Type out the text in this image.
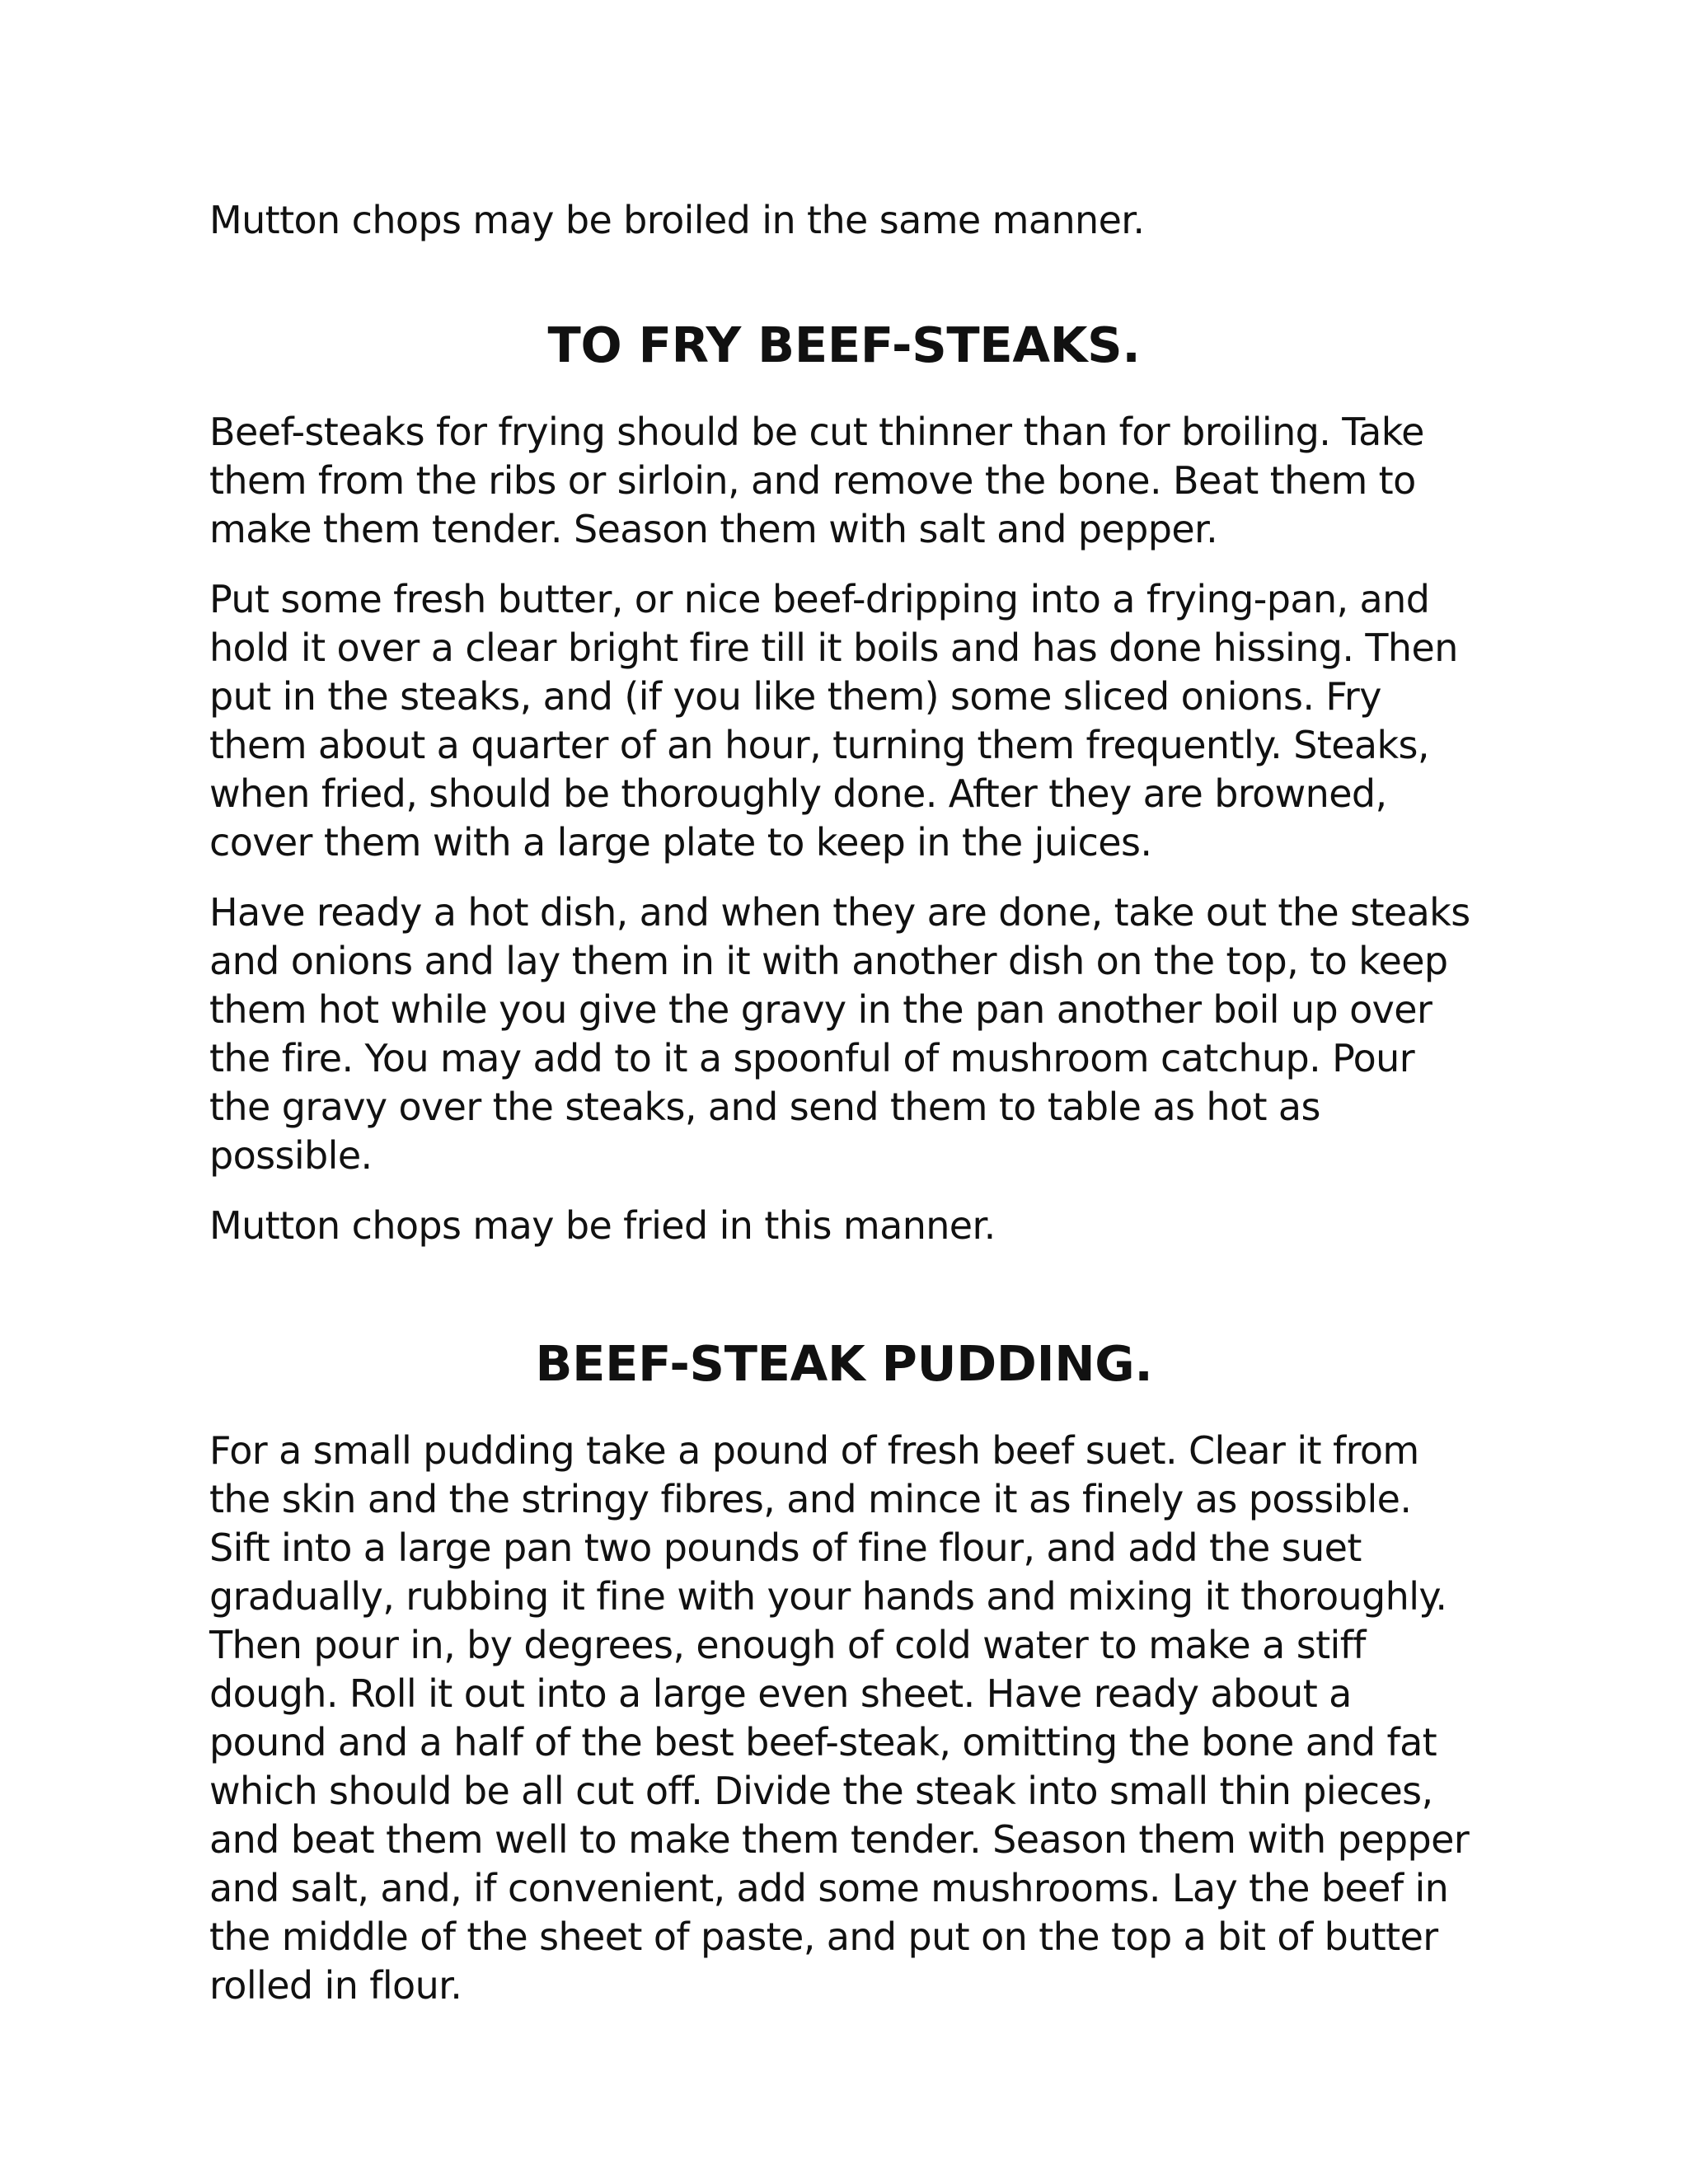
Mutton chops may be broiled in the same manner.

TO FRY BEEF-STEAKS.

Beef-steaks for frying should be cut thinner than for broiling. Take them from the ribs or sirloin, and remove the bone. Beat them to make them tender. Season them with salt and pepper.

Put some fresh butter, or nice beef-dripping into a frying-pan, and hold it over a clear bright fire till it boils and has done hissing. Then put in the steaks, and (if you like them) some sliced onions. Fry them about a quarter of an hour, turning them frequently. Steaks, when fried, should be thoroughly done. After they are browned, cover them with a large plate to keep in the juices.

Have ready a hot dish, and when they are done, take out the steaks and onions and lay them in it with another dish on the top, to keep them hot while you give the gravy in the pan another boil up over the fire. You may add to it a spoonful of mushroom catchup. Pour the gravy over the steaks, and send them to table as hot as possible.

Mutton chops may be fried in this manner.

BEEF-STEAK PUDDING.

For a small pudding take a pound of fresh beef suet. Clear it from the skin and the stringy fibres, and mince it as finely as possible. Sift into a large pan two pounds of fine flour, and add the suet gradually, rubbing it fine with your hands and mixing it thoroughly. Then pour in, by degrees, enough of cold water to make a stiff dough. Roll it out into a large even sheet. Have ready about a pound and a half of the best beef-steak, omitting the bone and fat which should be all cut off. Divide the steak into small thin pieces, and beat them well to make them tender. Season them with pepper and salt, and, if convenient, add some mushrooms. Lay the beef in the middle of the sheet of paste, and put on the top a bit of butter rolled in flour.
